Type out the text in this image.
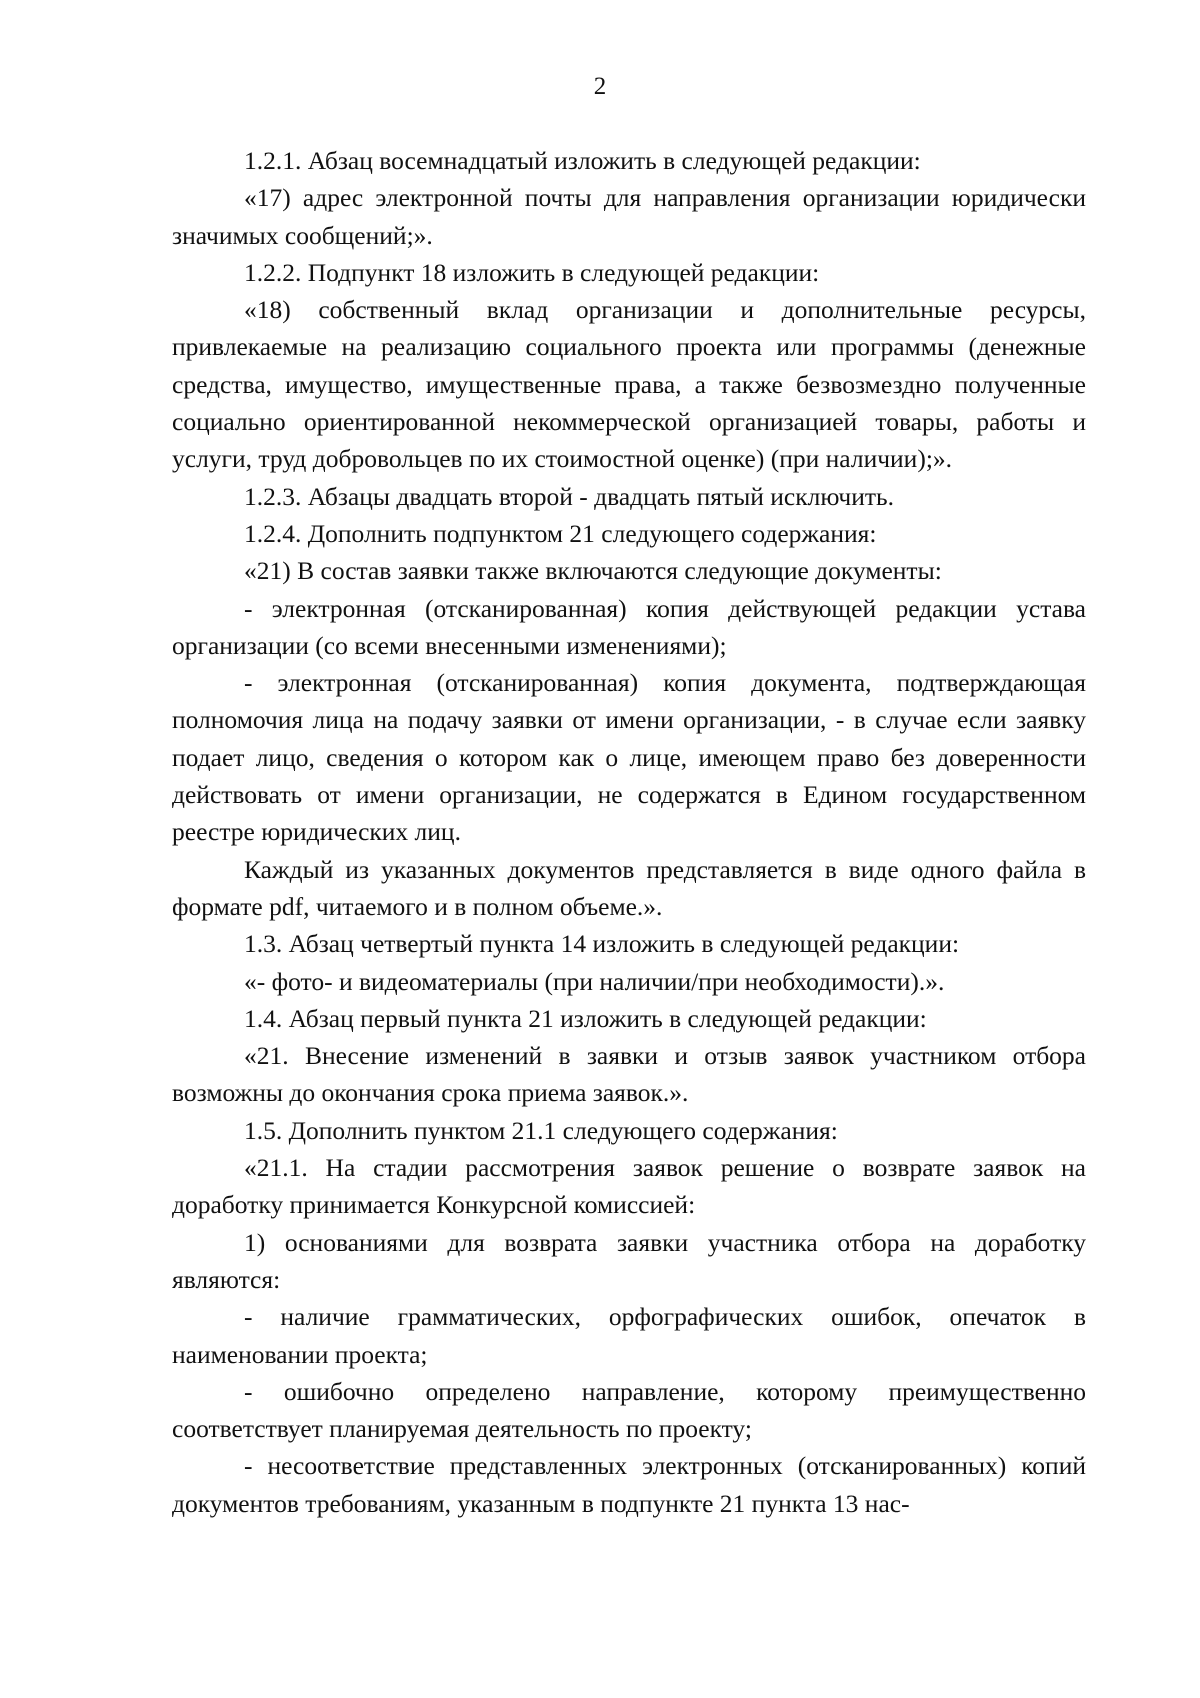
2

1.2.1. Абзац восемнадцатый изложить в следующей редакции:

«17) адрес электронной почты для направления организации юридически значимых сообщений;».

1.2.2. Подпункт 18 изложить в следующей редакции:

«18) собственный вклад организации и дополнительные ресурсы, привлекаемые на реализацию социального проекта или программы (денежные средства, имущество, имущественные права, а также безвозмездно полученные социально ориентированной некоммерческой организацией товары, работы и услуги, труд добровольцев по их стоимостной оценке) (при наличии);».

1.2.3. Абзацы двадцать второй - двадцать пятый исключить.

1.2.4. Дополнить подпунктом 21 следующего содержания:

«21) В состав заявки также включаются следующие документы:

- электронная (отсканированная) копия действующей редакции устава организации (со всеми внесенными изменениями);

- электронная (отсканированная) копия документа, подтверждающая полномочия лица на подачу заявки от имени организации, - в случае если заявку подает лицо, сведения о котором как о лице, имеющем право без доверенности действовать от имени организации, не содержатся в Едином государственном реестре юридических лиц.

Каждый из указанных документов представляется в виде одного файла в формате pdf, читаемого и в полном объеме.».

1.3. Абзац четвертый пункта 14 изложить в следующей редакции:

«- фото- и видеоматериалы (при наличии/при необходимости).».

1.4. Абзац первый пункта 21 изложить в следующей редакции:

«21. Внесение изменений в заявки и отзыв заявок участником отбора возможны до окончания срока приема заявок.».

1.5. Дополнить пунктом 21.1 следующего содержания:

«21.1. На стадии рассмотрения заявок решение о возврате заявок на доработку принимается Конкурсной комиссией:

1) основаниями для возврата заявки участника отбора на доработку являются:

- наличие грамматических, орфографических ошибок, опечаток в наименовании проекта;

- ошибочно определено направление, которому преимущественно соответствует планируемая деятельность по проекту;

- несоответствие представленных электронных (отсканированных) копий документов требованиям, указанным в подпункте 21 пункта 13 нас-
